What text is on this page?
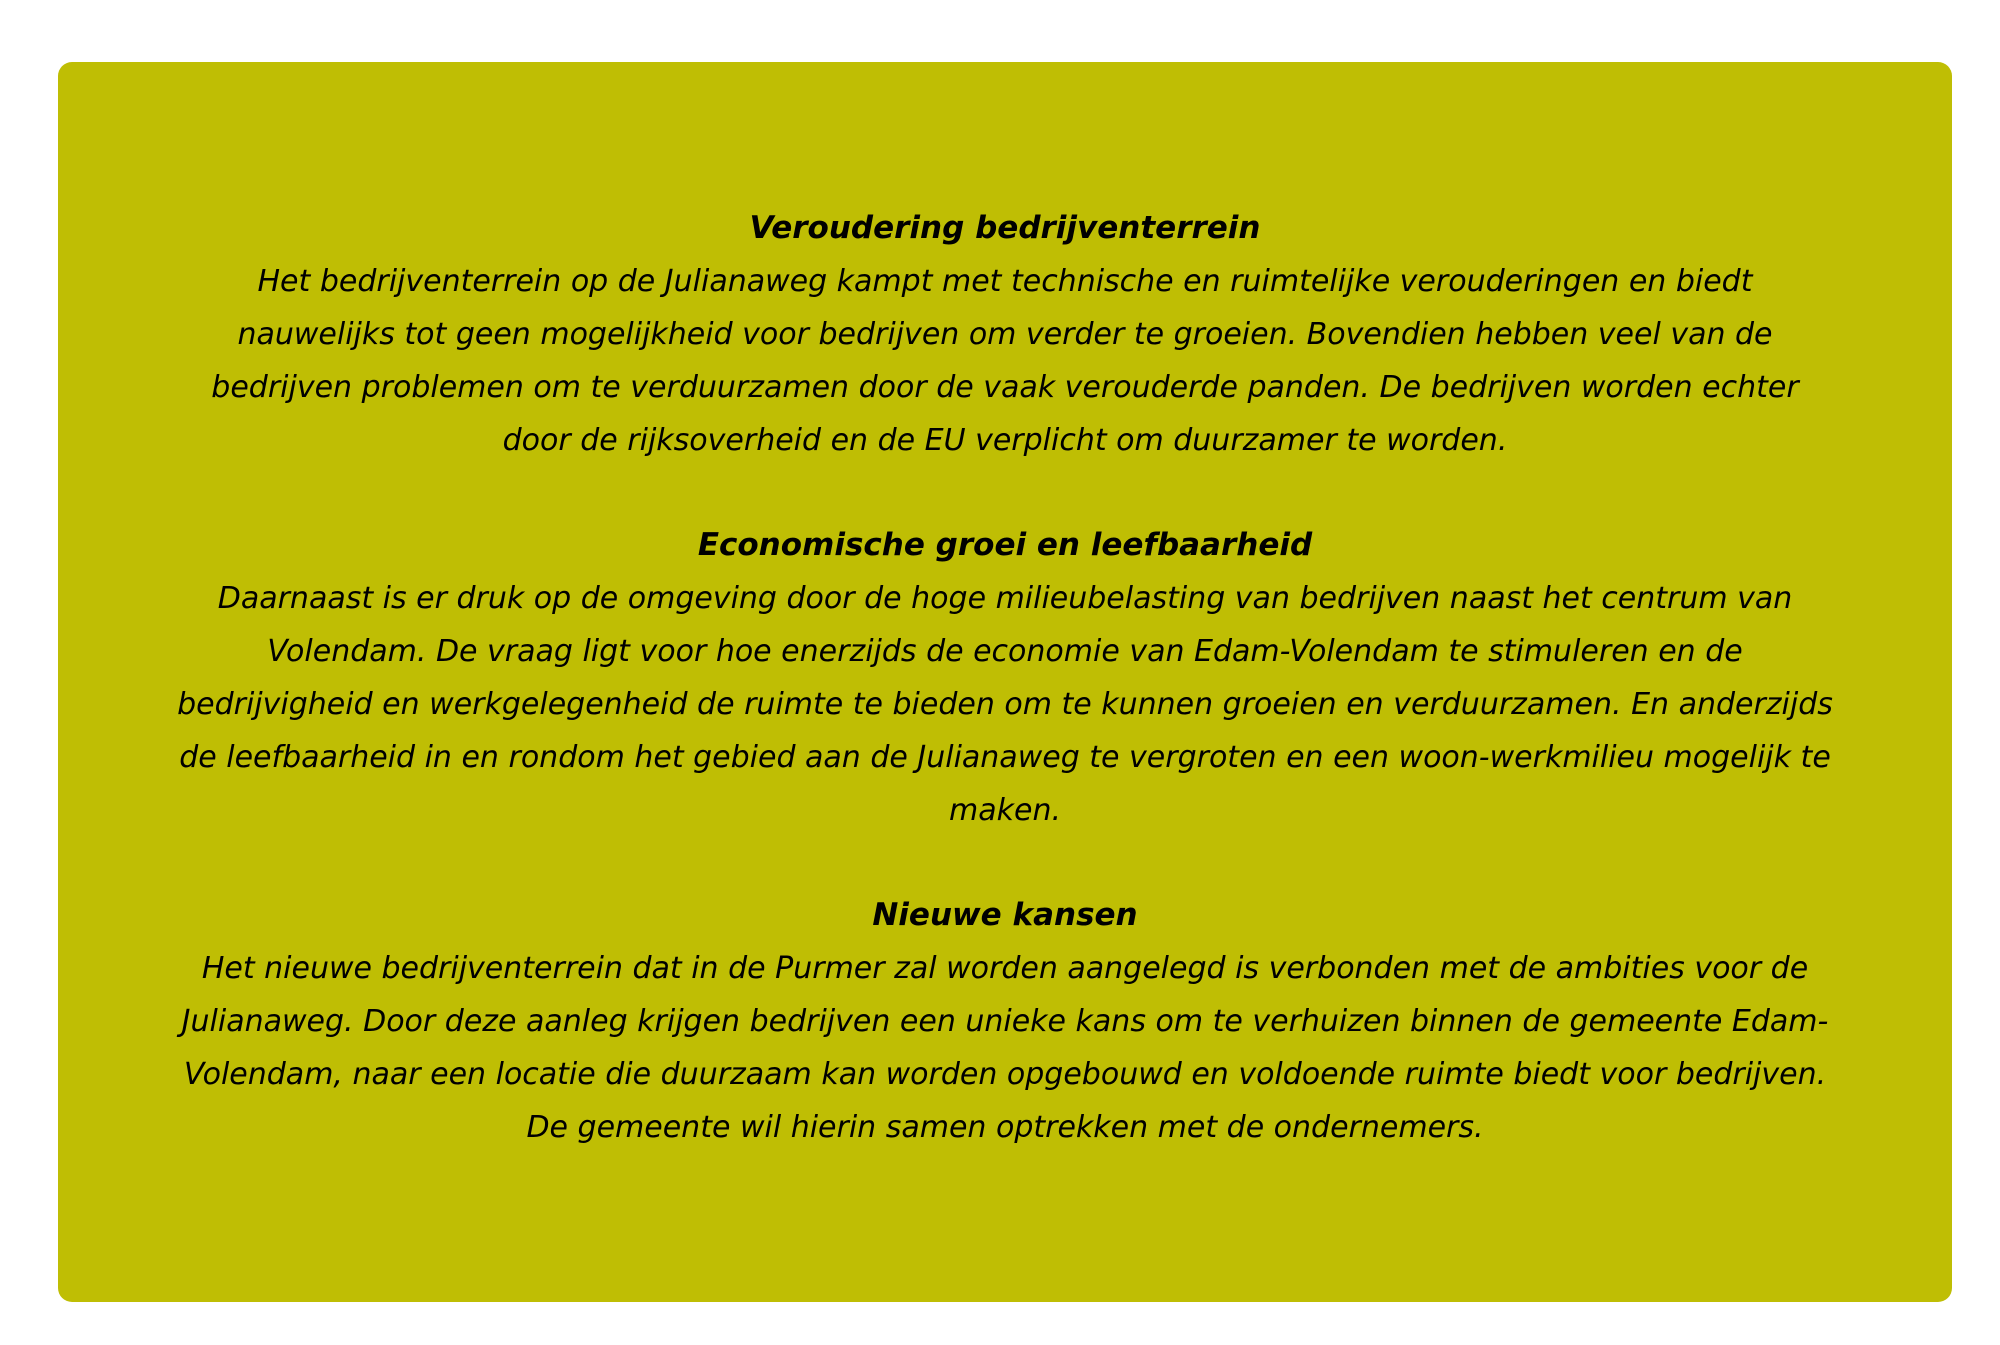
Veroudering bedrijventerrein

Het bedrijventerrein op de Julianaweg kampt met technische en ruimtelijke verouderingen en biedt nauwelijks tot geen mogelijkheid voor bedrijven om verder te groeien. Bovendien hebben veel van de bedrijven problemen om te verduurzamen door de vaak verouderde panden. De bedrijven worden echter door de rijksoverheid en de EU verplicht om duurzamer te worden.

Economische groei en leefbaarheid

Daarnaast is er druk op de omgeving door de hoge milieubelasting van bedrijven naast het centrum van Volendam. De vraag ligt voor hoe enerzijds de economie van Edam-Volendam te stimuleren en de bedrijvigheid en werkgelegenheid de ruimte te bieden om te kunnen groeien en verduurzamen. En anderzijds de leefbaarheid in en rondom het gebied aan de Julianaweg te vergroten en een woon-werkmilieu mogelijk te maken.

Nieuwe kansen

Het nieuwe bedrijventerrein dat in de Purmer zal worden aangelegd is verbonden met de ambities voor de Julianaweg. Door deze aanleg krijgen bedrijven een unieke kans om te verhuizen binnen de gemeente Edam-Volendam, naar een locatie die duurzaam kan worden opgebouwd en voldoende ruimte biedt voor bedrijven. De gemeente wil hierin samen optrekken met de ondernemers.
